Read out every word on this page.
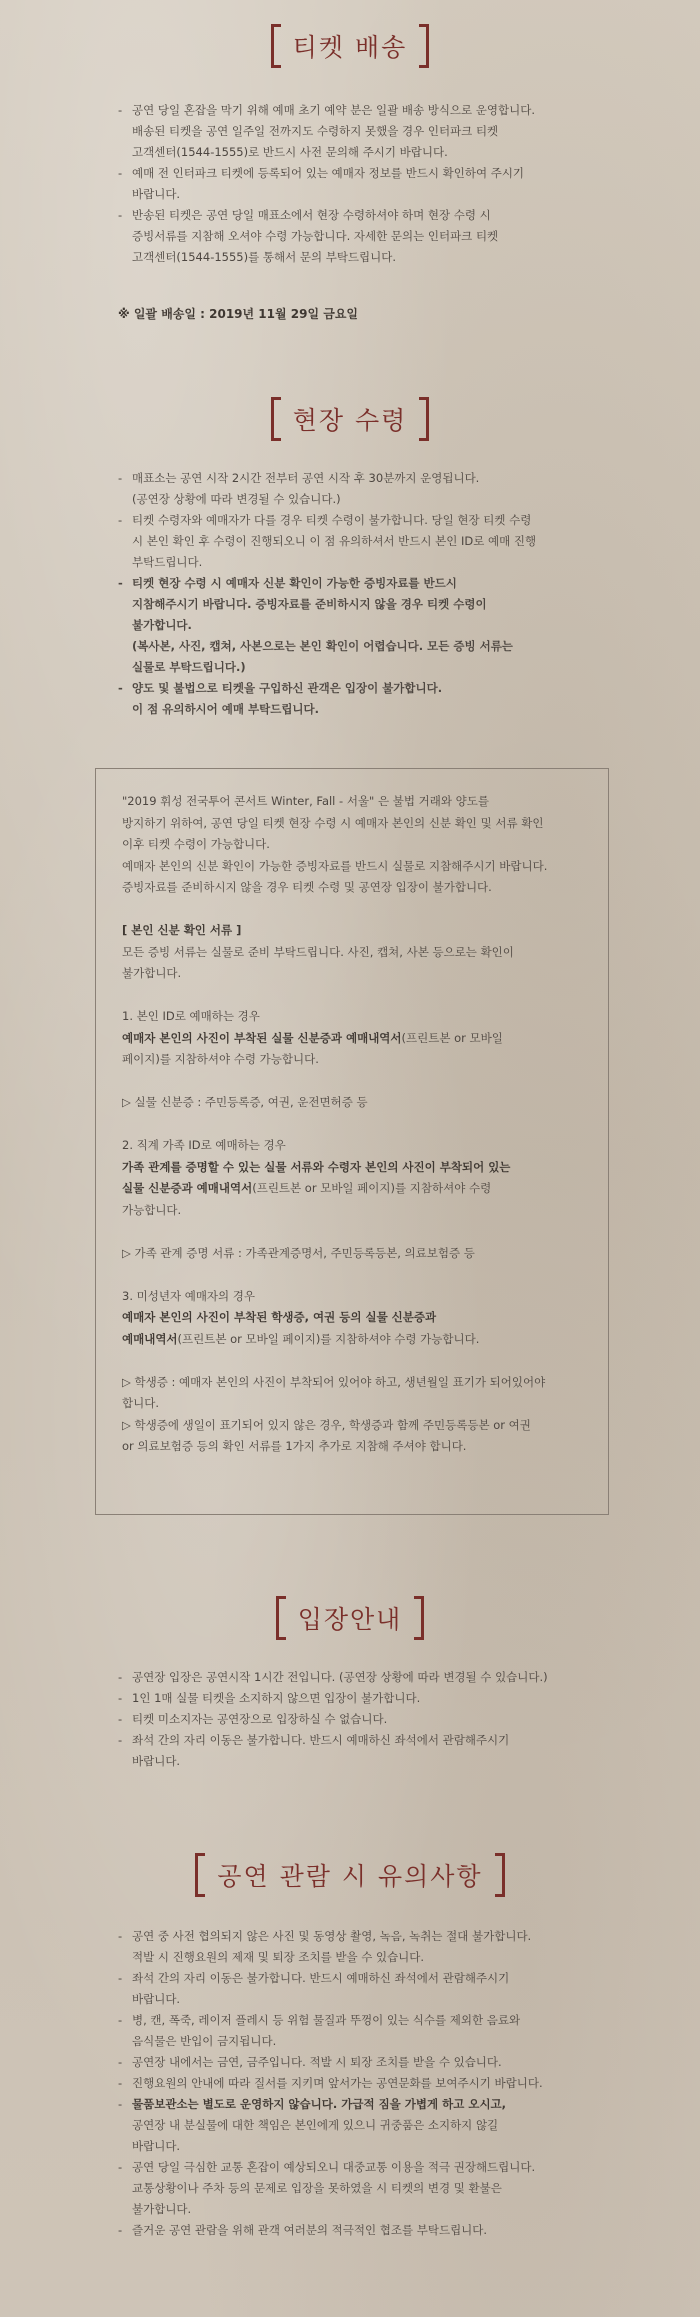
티켓 배송
- 공연 당일 혼잡을 막기 위해 예매 초기 예약 분은 일괄 배송 방식으로 운영합니다.
배송된 티켓을 공연 일주일 전까지도 수령하지 못했을 경우 인터파크 티켓
고객센터(1544-1555)로 반드시 사전 문의해 주시기 바랍니다.
- 예매 전 인터파크 티켓에 등록되어 있는 예매자 정보를 반드시 확인하여 주시기
바랍니다.
- 반송된 티켓은 공연 당일 매표소에서 현장 수령하셔야 하며 현장 수령 시
증빙서류를 지참해 오셔야 수령 가능합니다. 자세한 문의는 인터파크 티켓
고객센터(1544-1555)를 통해서 문의 부탁드립니다.
※ 일괄 배송일 : 2019년 11월 29일 금요일
현장 수령
- 매표소는 공연 시작 2시간 전부터 공연 시작 후 30분까지 운영됩니다.
(공연장 상황에 따라 변경될 수 있습니다.)
- 티켓 수령자와 예매자가 다를 경우 티켓 수령이 불가합니다. 당일 현장 티켓 수령
시 본인 확인 후 수령이 진행되오니 이 점 유의하셔서 반드시 본인 ID로 예매 진행
부탁드립니다.
- 티켓 현장 수령 시 예매자 신분 확인이 가능한 증빙자료를 반드시
지참해주시기 바랍니다. 증빙자료를 준비하시지 않을 경우 티켓 수령이
불가합니다.
(복사본, 사진, 캡쳐, 사본으로는 본인 확인이 어렵습니다. 모든 증빙 서류는
실물로 부탁드립니다.)
- 양도 및 불법으로 티켓을 구입하신 관객은 입장이 불가합니다.
이 점 유의하시어 예매 부탁드립니다.

"2019 휘성 전국투어 콘서트 Winter, Fall - 서울" 은 불법 거래와 양도를

방지하기 위하여, 공연 당일 티켓 현장 수령 시 예매자 본인의 신분 확인 및 서류 확인

이후 티켓 수령이 가능합니다.

예매자 본인의 신분 확인이 가능한 증빙자료를 반드시 실물로 지참해주시기 바랍니다.

증빙자료를 준비하시지 않을 경우 티켓 수령 및 공연장 입장이 불가합니다.

[ 본인 신분 확인 서류 ]

모든 증빙 서류는 실물로 준비 부탁드립니다. 사진, 캡쳐, 사본 등으로는 확인이

불가합니다.

1. 본인 ID로 예매하는 경우

예매자 본인의 사진이 부착된 실물 신분증과 예매내역서(프린트본 or 모바일

페이지)를 지참하셔야 수령 가능합니다.

▷ 실물 신분증 : 주민등록증, 여권, 운전면허증 등

2. 직계 가족 ID로 예매하는 경우

가족 관계를 증명할 수 있는 실물 서류와 수령자 본인의 사진이 부착되어 있는

실물 신분증과 예매내역서(프린트본 or 모바일 페이지)를 지참하셔야 수령

가능합니다.

▷ 가족 관계 증명 서류 : 가족관계증명서, 주민등록등본, 의료보험증 등

3. 미성년자 예매자의 경우

예매자 본인의 사진이 부착된 학생증, 여권 등의 실물 신분증과

예매내역서(프린트본 or 모바일 페이지)를 지참하셔야 수령 가능합니다.

▷ 학생증 : 예매자 본인의 사진이 부착되어 있어야 하고, 생년월일 표기가 되어있어야

합니다.

▷ 학생증에 생일이 표기되어 있지 않은 경우, 학생증과 함께 주민등록등본 or 여권

or 의료보험증 등의 확인 서류를 1가지 추가로 지참해 주셔야 합니다.

입장안내
- 공연장 입장은 공연시작 1시간 전입니다. (공연장 상황에 따라 변경될 수 있습니다.)
- 1인 1매 실물 티켓을 소지하지 않으면 입장이 불가합니다.
- 티켓 미소지자는 공연장으로 입장하실 수 없습니다.
- 좌석 간의 자리 이동은 불가합니다. 반드시 예매하신 좌석에서 관람해주시기
바랍니다.
공연 관람 시 유의사항
- 공연 중 사전 협의되지 않은 사진 및 동영상 촬영, 녹음, 녹취는 절대 불가합니다.
적발 시 진행요원의 제재 및 퇴장 조치를 받을 수 있습니다.
- 좌석 간의 자리 이동은 불가합니다. 반드시 예매하신 좌석에서 관람해주시기
바랍니다.
- 병, 캔, 폭죽, 레이저 플레시 등 위험 물질과 뚜껑이 있는 식수를 제외한 음료와
음식물은 반입이 금지됩니다.
- 공연장 내에서는 금연, 금주입니다. 적발 시 퇴장 조치를 받을 수 있습니다.
- 진행요원의 안내에 따라 질서를 지키며 앞서가는 공연문화를 보여주시기 바랍니다.
- 물품보관소는 별도로 운영하지 않습니다. 가급적 짐을 가볍게 하고 오시고,
공연장 내 분실물에 대한 책임은 본인에게 있으니 귀중품은 소지하지 않길
바랍니다.
- 공연 당일 극심한 교통 혼잡이 예상되오니 대중교통 이용을 적극 권장해드립니다.
교통상황이나 주차 등의 문제로 입장을 못하였을 시 티켓의 변경 및 환불은
불가합니다.
- 즐거운 공연 관람을 위해 관객 여러분의 적극적인 협조를 부탁드립니다.
